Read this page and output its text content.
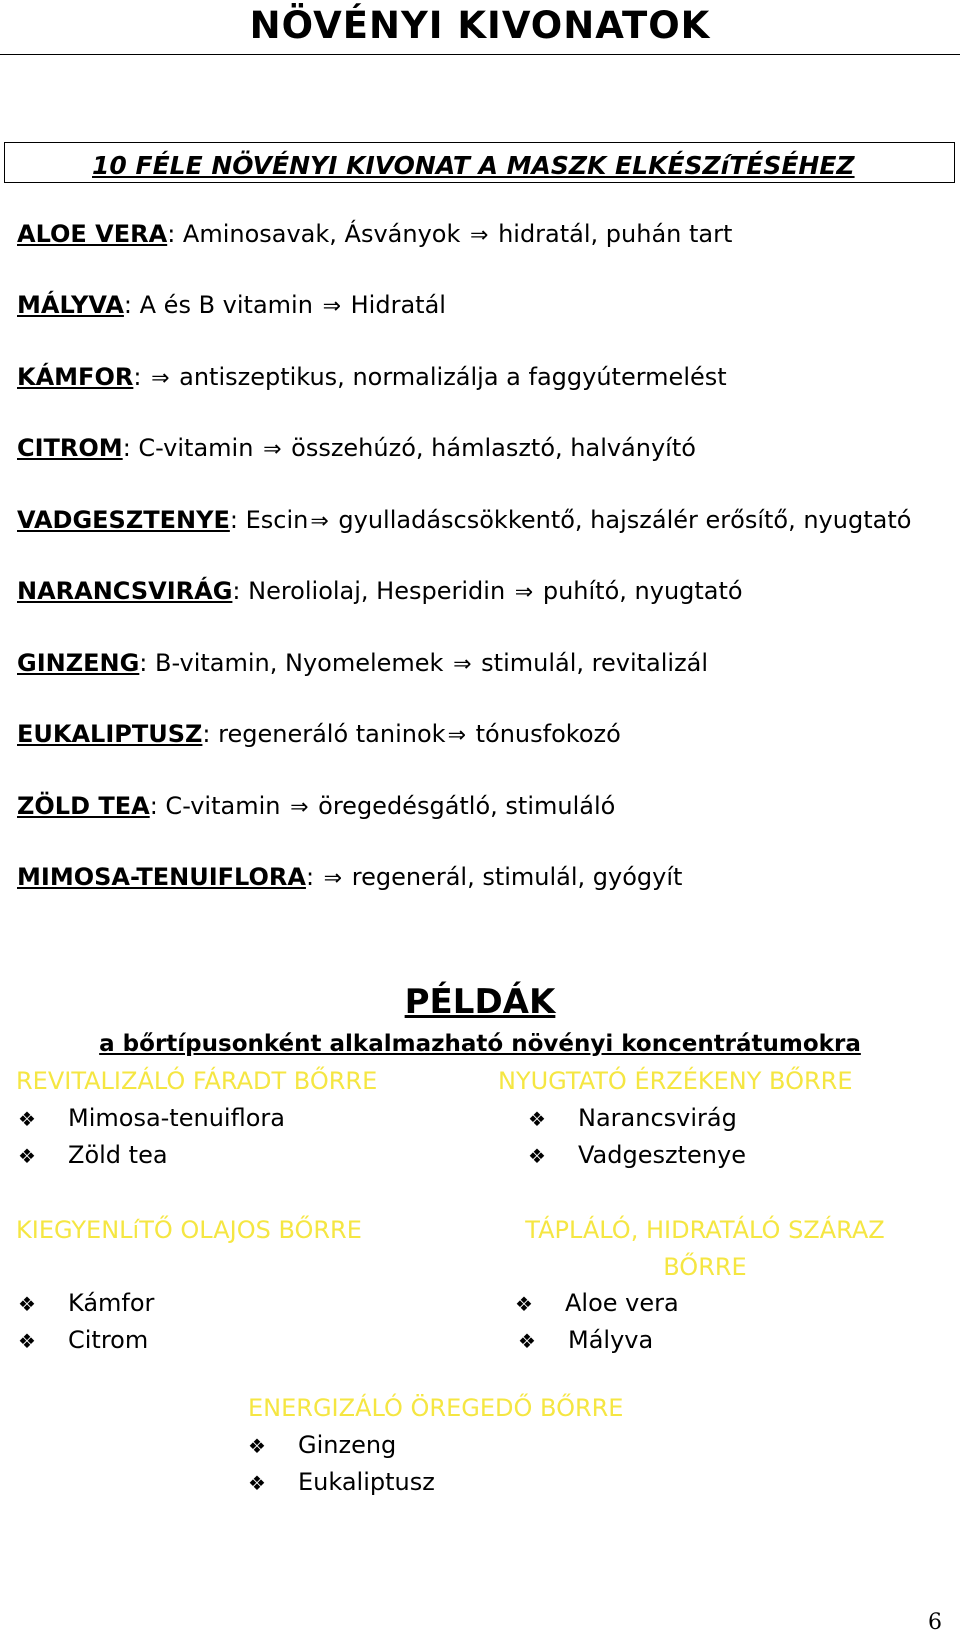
NÖVÉNYI KIVONATOK
10 FÉLE NÖVÉNYI KIVONAT A MASZK ELKÉSZíTÉSÉHEZ
ALOE VERA: Aminosavak, Ásványok ⇒ hidratál, puhán tart
MÁLYVA: A és B vitamin ⇒ Hidratál
KÁMFOR: ⇒ antiszeptikus, normalizálja a faggyútermelést
CITROM: C-vitamin ⇒ összehúzó, hámlasztó, halványító
VADGESZTENYE: Escin⇒ gyulladáscsökkentő, hajszálér erősítő, nyugtató
NARANCSVIRÁG: Neroliolaj, Hesperidin ⇒ puhító, nyugtató
GINZENG: B-vitamin, Nyomelemek ⇒ stimulál, revitalizál
EUKALIPTUSZ: regeneráló taninok⇒ tónusfokozó
ZÖLD TEA: C-vitamin ⇒ öregedésgátló, stimuláló
MIMOSA-TENUIFLORA: ⇒ regenerál, stimulál, gyógyít
PÉLDÁK
a bőrtípusonként alkalmazható növényi koncentrátumokra
REVITALIZÁLÓ FÁRADT BŐRRE
❖ Mimosa-tenuiflora
❖ Zöld tea
NYUGTATÓ ÉRZÉKENY BŐRRE
❖ Narancsvirág
❖ Vadgesztenye
KIEGYENLíTŐ OLAJOS BŐRRE
❖ Kámfor
❖ Citrom
TÁPLÁLÓ, HIDRATÁLÓ SZÁRAZ
BŐRRE
❖ Aloe vera
❖ Mályva
ENERGIZÁLÓ ÖREGEDŐ BŐRRE
❖ Ginzeng
❖ Eukaliptusz
6
